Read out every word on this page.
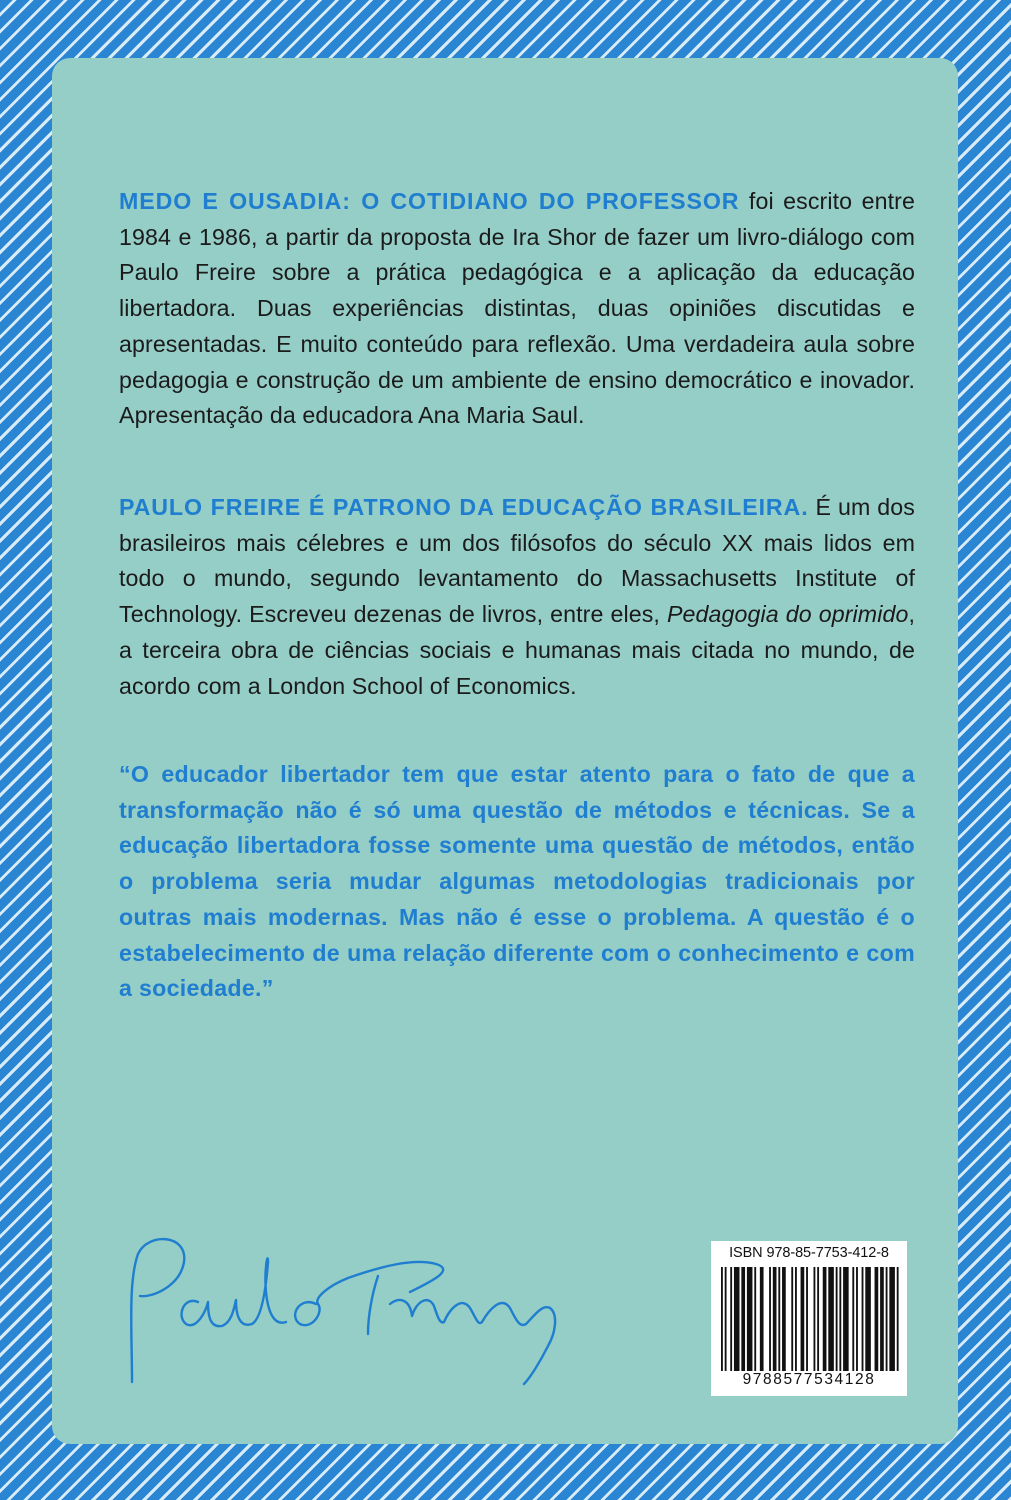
MEDO E OUSADIA: O COTIDIANO DO PROFESSOR foi escrito entre 1984 e 1986, a partir da proposta de Ira Shor de fazer um livro-diálogo com Paulo Freire sobre a prática pedagógica e a aplicação da educação libertadora. Duas experiências distintas, duas opiniões discutidas e apresentadas. E muito conteúdo para reflexão. Uma verdadeira aula sobre pedagogia e construção de um ambiente de ensino democrático e inovador. Apresentação da educadora Ana Maria Saul.

PAULO FREIRE É PATRONO DA EDUCAÇÃO BRASILEIRA. É um dos brasileiros mais célebres e um dos filósofos do século XX mais lidos em todo o mundo, segundo levantamento do Massachusetts Institute of Technology. Escreveu dezenas de livros, entre eles, Pedagogia do oprimido, a terceira obra de ciências sociais e humanas mais citada no mundo, de acordo com a London School of Economics.

“O educador libertador tem que estar atento para o fato de que a transformação não é só uma questão de métodos e técnicas. Se a educação libertadora fosse somente uma questão de métodos, então o problema seria mudar algumas metodologias tradicionais por outras mais modernas. Mas não é esse o problema. A questão é o estabelecimento de uma relação diferente com o conhecimento e com a sociedade.”

ISBN 978-85-7753-412-8
9788577534128
